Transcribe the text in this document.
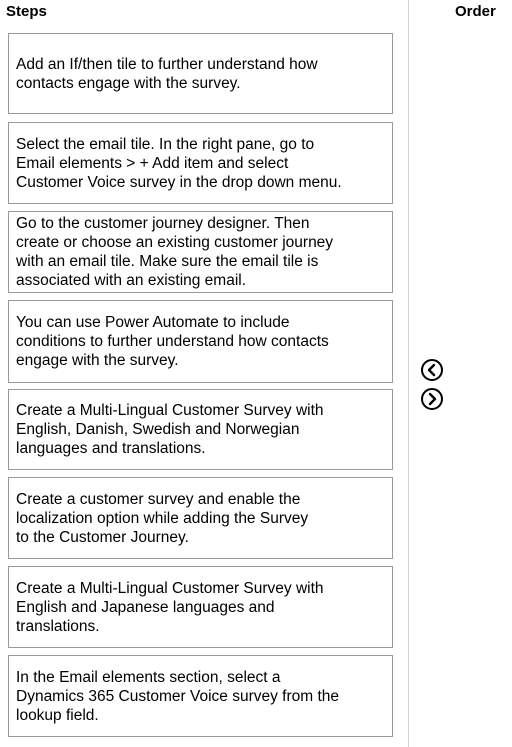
Steps	Order
Add an If/then tile to further understand how
contacts engage with the survey.
Select the email tile. In the right pane, go to
Email elements > + Add item and select
Customer Voice survey in the drop down menu.
Go to the customer journey designer. Then
create or choose an existing customer journey
with an email tile. Make sure the email tile is
associated with an existing email.
You can use Power Automate to include
conditions to further understand how contacts
engage with the survey.
Create a Multi-Lingual Customer Survey with
English, Danish, Swedish and Norwegian
languages and translations.
Create a customer survey and enable the
localization option while adding the Survey
to the Customer Journey.
Create a Multi-Lingual Customer Survey with
English and Japanese languages and
translations.
In the Email elements section, select a
Dynamics 365 Customer Voice survey from the
lookup field.
